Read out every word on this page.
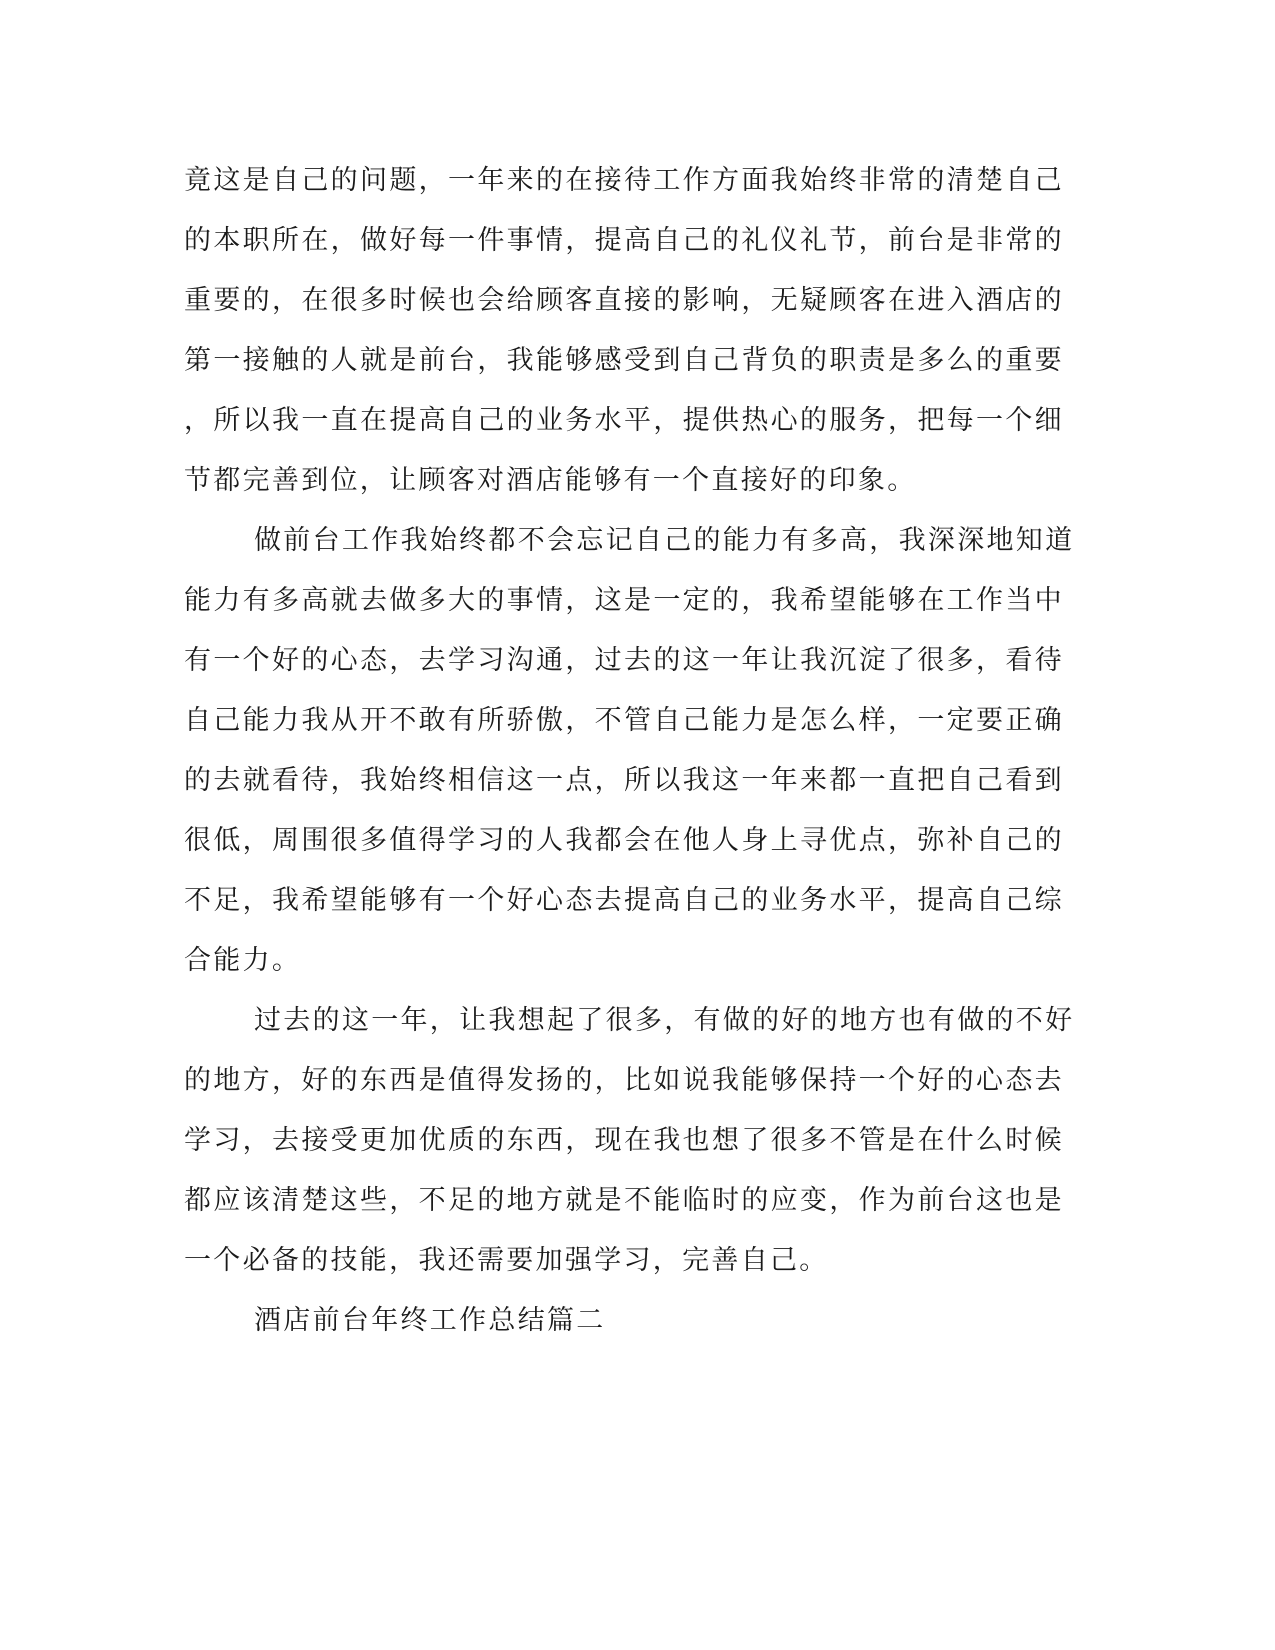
竟这是自己的问题，一年来的在接待工作方面我始终非常的清楚自己
的本职所在，做好每一件事情，提高自己的礼仪礼节，前台是非常的
重要的，在很多时候也会给顾客直接的影响，无疑顾客在进入酒店的
第一接触的人就是前台，我能够感受到自己背负的职责是多么的重要
，所以我一直在提高自己的业务水平，提供热心的服务，把每一个细
节都完善到位，让顾客对酒店能够有一个直接好的印象。
做前台工作我始终都不会忘记自己的能力有多高，我深深地知道
能力有多高就去做多大的事情，这是一定的，我希望能够在工作当中
有一个好的心态，去学习沟通，过去的这一年让我沉淀了很多，看待
自己能力我从开不敢有所骄傲，不管自己能力是怎么样，一定要正确
的去就看待，我始终相信这一点，所以我这一年来都一直把自己看到
很低，周围很多值得学习的人我都会在他人身上寻优点，弥补自己的
不足，我希望能够有一个好心态去提高自己的业务水平，提高自己综
合能力。
过去的这一年，让我想起了很多，有做的好的地方也有做的不好
的地方，好的东西是值得发扬的，比如说我能够保持一个好的心态去
学习，去接受更加优质的东西，现在我也想了很多不管是在什么时候
都应该清楚这些，不足的地方就是不能临时的应变，作为前台这也是
一个必备的技能，我还需要加强学习，完善自己。
酒店前台年终工作总结篇二
